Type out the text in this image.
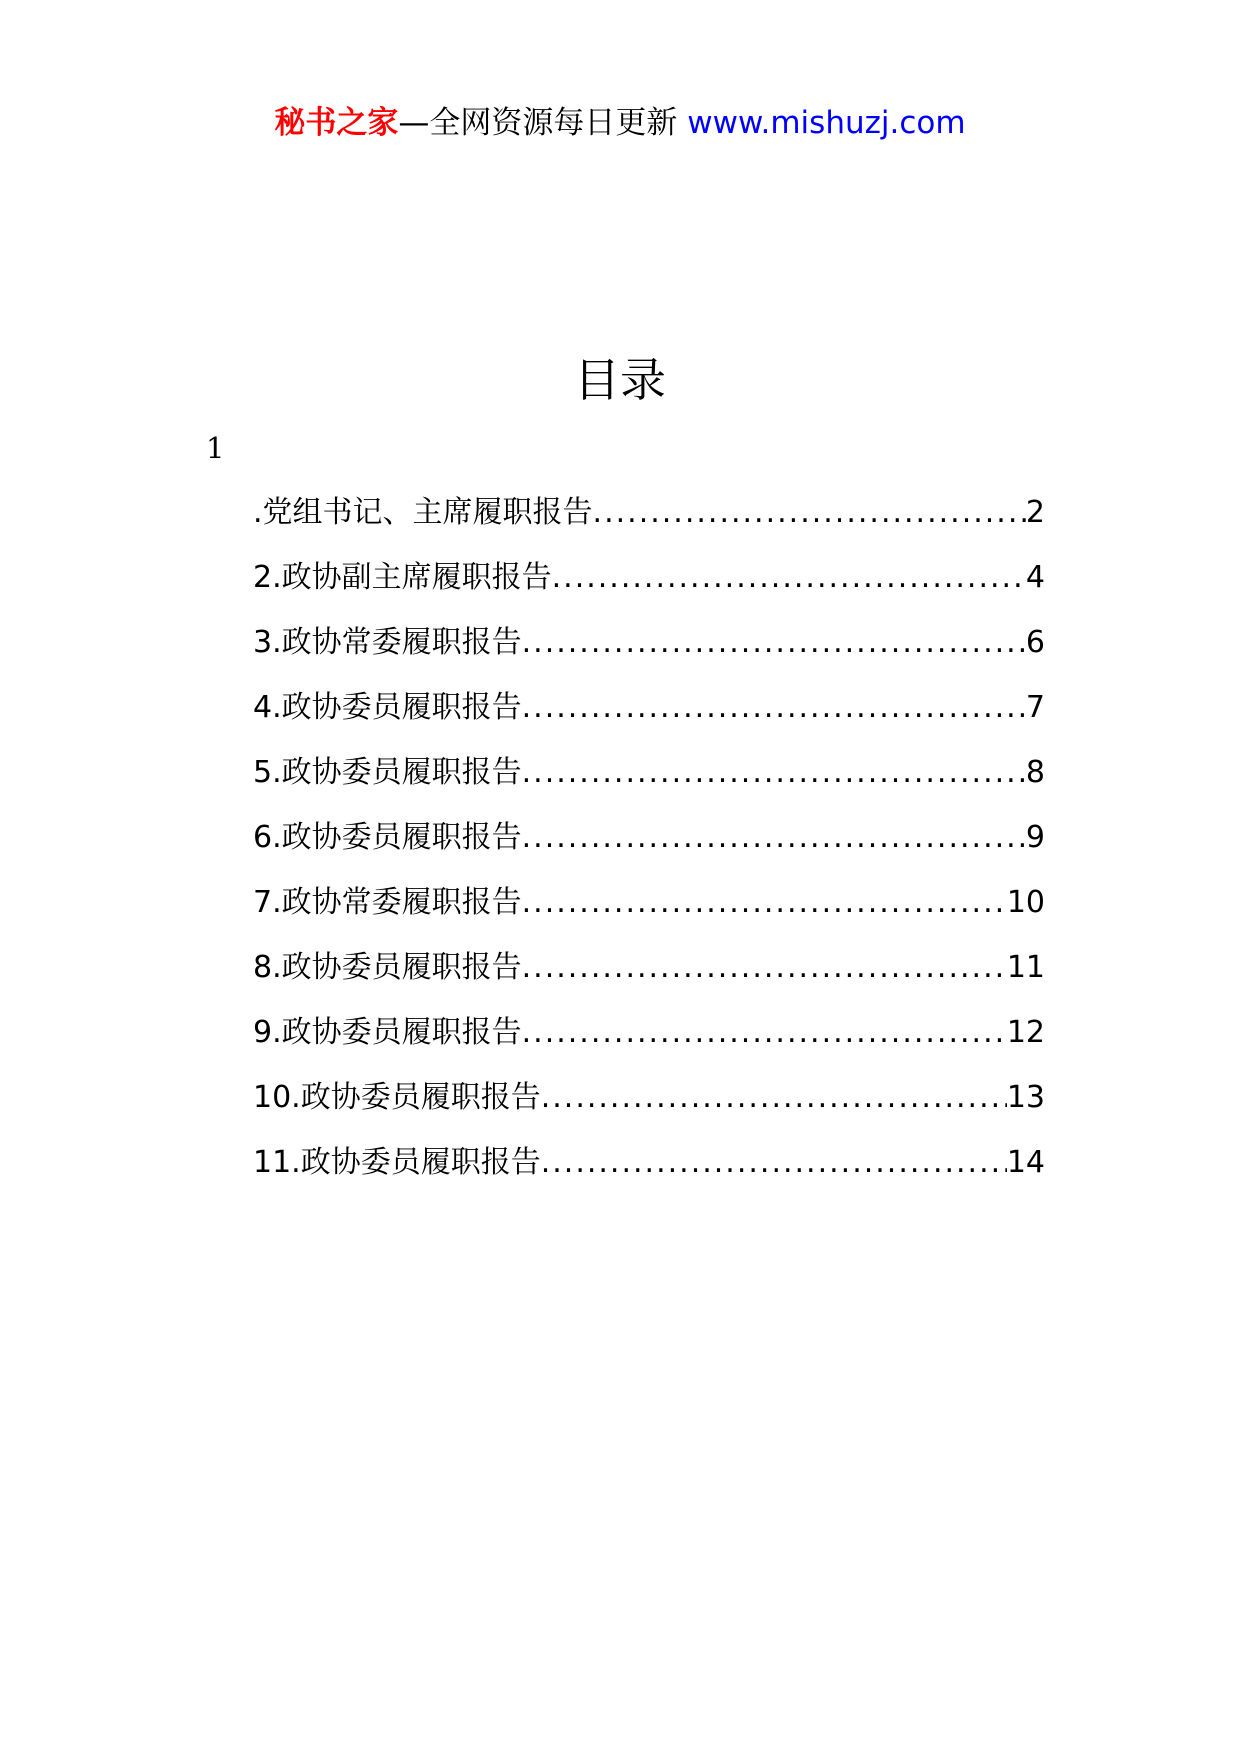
秘书之家—全网资源每日更新 www.mishuzj.com
目录
1
.党组书记、主席履职报告 .....	2
2.政协副主席履职报告 .....	4
3.政协常委履职报告 .....	6
4.政协委员履职报告 .....	7
5.政协委员履职报告 .....	8
6.政协委员履职报告 .....	9
7.政协常委履职报告 .....	10
8.政协委员履职报告 .....	11
9.政协委员履职报告 .....	12
10.政协委员履职报告 .....	13
11.政协委员履职报告 .....	14
